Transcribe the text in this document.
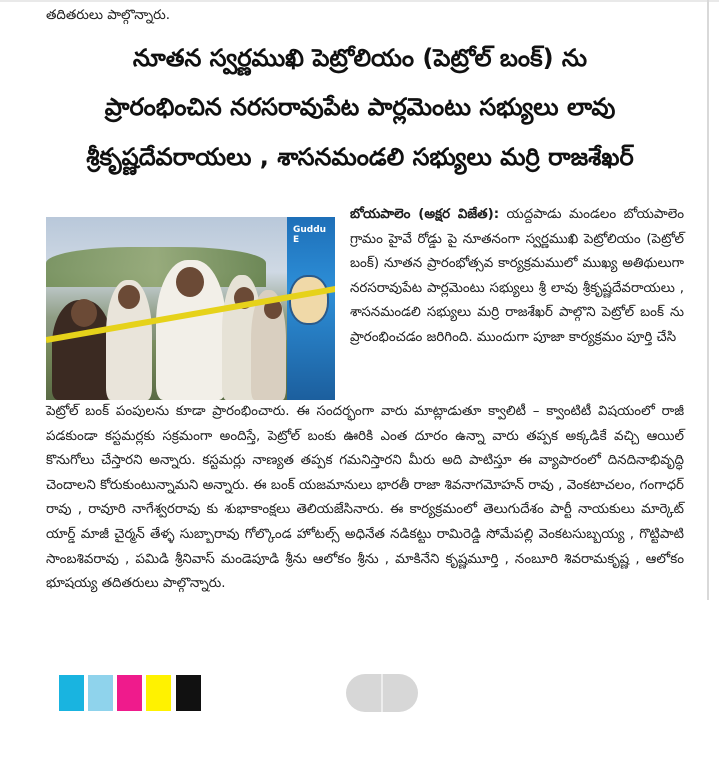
తదితరులు పాల్గొన్నారు.
నూతన స్వర్ణముఖి పెట్రోలియం (పెట్రోల్ బంక్) ను
ప్రారంభించిన నరసరావుపేట పార్లమెంటు సభ్యులు లావు
శ్రీకృష్ణదేవరాయలు , శాసనమండలి సభ్యులు మర్రి రాజశేఖర్
Guddu E
బోయపాలెం (అక్షర విజేత): యద్దపాడు మండలం బోయపాలెం గ్రామం హైవే రోడ్డు పై నూతనంగా స్వర్ణముఖి పెట్రోలియం (పెట్రోల్ బంక్) నూతన ప్రారంభోత్సవ కార్యక్రమములో ముఖ్య అతిథులుగా నరసరావుపేట పార్లమెంటు సభ్యులు శ్రీ లావు శ్రీకృష్ణదేవరాయలు , శాసనమండలి సభ్యులు మర్రి రాజశేఖర్ పాల్గొని పెట్రోల్ బంక్ ను ప్రారంభించడం జరిగింది. ముందుగా పూజా కార్యక్రమం పూర్తి చేసి
పెట్రోల్ బంక్ పంపులను కూడా ప్రారంభించారు. ఈ సందర్భంగా వారు మాట్లాడుతూ క్వాలిటీ – క్వాంటిటీ విషయంలో రాజీ పడకుండా కస్టమర్లకు సక్రమంగా అందిస్తే, పెట్రోల్ బంకు ఊరికి ఎంత దూరం ఉన్నా వారు తప్పక అక్కడికే వచ్చి ఆయిల్ కొనుగోలు చేస్తారని అన్నారు. కస్టమర్లు నాణ్యత తప్పక గమనిస్తారని మీరు అది పాటిస్తూ ఈ వ్యాపారంలో దినదినాభివృద్ధి చెందాలని కోరుకుంటున్నామని అన్నారు. ఈ బంక్ యజమానులు భారతీ రాజా శివనాగమోహన్ రావు , వెంకటాచలం, గంగాధర్ రావు , రావూరి నాగేశ్వరరావు కు శుభాకాంక్షలు తెలియజేసినారు. ఈ కార్యక్రమంలో తెలుగుదేశం పార్టీ నాయకులు మార్కెట్ యార్డ్ మాజీ చైర్మన్ తేళ్ళ సుబ్బారావు గోల్కొండ హోటల్స్ అధినేత నడికట్టు రామిరెడ్డి సోమేపల్లి వెంకటసుబ్బయ్య , గొట్టిపాటి సాంబశివరావు , పమిడి శ్రీనివాస్ మండెపూడి శ్రీను ఆలోకం శ్రీను , మాకినేని కృష్ణమూర్తి , నంబూరి శివరామకృష్ణ , ఆలోకం భూషయ్య తదితరులు పాల్గొన్నారు.
